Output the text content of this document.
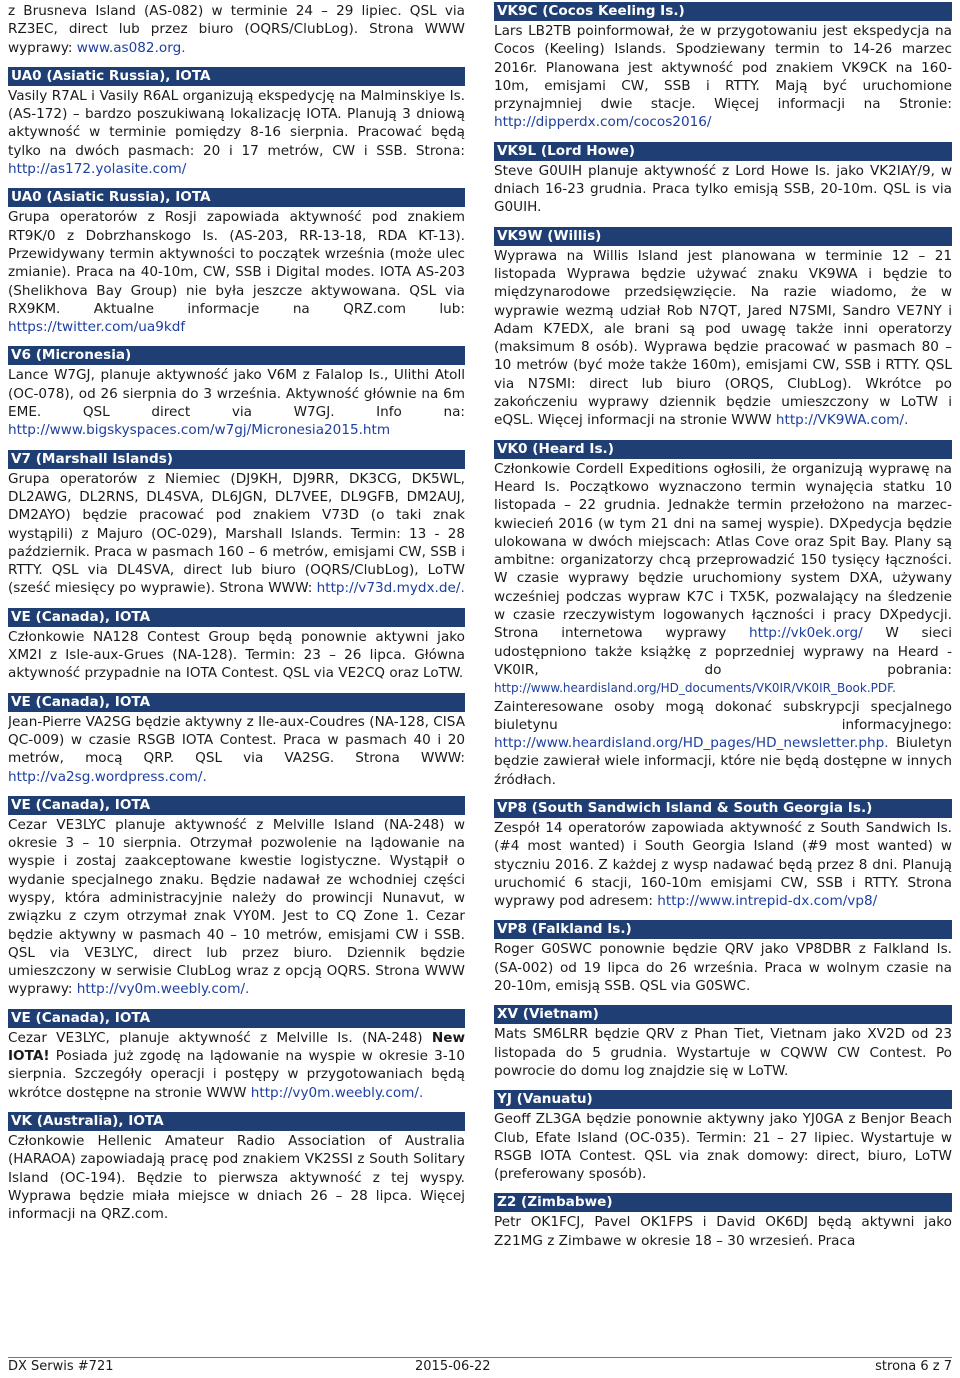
z Brusneva Island (AS-082) w terminie 24 – 29 lipiec. QSL via RZ3EC, direct lub przez biuro (OQRS/ClubLog). Strona WWW wyprawy: www.as082.org.
UA0 (Asiatic Russia), IOTA
Vasily R7AL i Vasily R6AL organizują ekspedycję na Malminskiye Is. (AS-172) – bardzo poszukiwaną lokalizację IOTA. Planują 3 dniową aktywność w terminie pomiędzy 8-16 sierpnia. Pracować będą tylko na dwóch pasmach: 20 i 17 metrów, CW i SSB. Strona: http://as172.yolasite.com/
UA0 (Asiatic Russia), IOTA
Grupa operatorów z Rosji zapowiada aktywność pod znakiem RT9K/0 z Dobrzhanskogo Is. (AS-203, RR-13-18, RDA KT-13). Przewidywany termin aktywności to początek września (może ulec zmianie). Praca na 40-10m, CW, SSB i Digital modes. IOTA AS-203 (Shelikhova Bay Group) nie była jeszcze aktywowana. QSL via RX9KM. Aktualne informacje na QRZ.com lub: https://twitter.com/ua9kdf
V6 (Micronesia)
Lance W7GJ, planuje aktywność jako V6M z Falalop Is., Ulithi Atoll (OC-078), od 26 sierpnia do 3 września. Aktywność głównie na 6m EME. QSL direct via W7GJ. Info na: http://www.bigskyspaces.com/w7gj/Micronesia2015.htm
V7 (Marshall Islands)
Grupa operatorów z Niemiec (DJ9KH, DJ9RR, DK3CG, DK5WL, DL2AWG, DL2RNS, DL4SVA, DL6JGN, DL7VEE, DL9GFB, DM2AUJ, DM2AYO) będzie pracować pod znakiem V73D (o taki znak wystąpili) z Majuro (OC-029), Marshall Islands. Termin: 13 - 28 październik. Praca w pasmach 160 – 6 metrów, emisjami CW, SSB i RTTY. QSL via DL4SVA, direct lub biuro (OQRS/ClubLog), LoTW (sześć miesięcy po wyprawie). Strona WWW: http://v73d.mydx.de/.
VE (Canada), IOTA
Członkowie NA128 Contest Group będą ponownie aktywni jako XM2I z Isle-aux-Grues (NA-128). Termin: 23 – 26 lipca. Główna aktywność przypadnie na IOTA Contest. QSL via VE2CQ oraz LoTW.
VE (Canada), IOTA
Jean-Pierre VA2SG będzie aktywny z Ile-aux-Coudres (NA-128, CISA QC-009) w czasie RSGB IOTA Contest. Praca w pasmach 40 i 20 metrów, mocą QRP. QSL via VA2SG. Strona WWW: http://va2sg.wordpress.com/.
VE (Canada), IOTA
Cezar VE3LYC planuje aktywność z Melville Island (NA-248) w okresie 3 – 10 sierpnia. Otrzymał pozwolenie na lądowanie na wyspie i zostaj zaakceptowane kwestie logistyczne. Wystąpił o wydanie specjalnego znaku. Będzie nadawał ze wchodniej części wyspy, która administracyjnie należy do prowincji Nunavut, w związku z czym otrzymał znak VY0M. Jest to CQ Zone 1. Cezar będzie aktywny w pasmach 40 – 10 metrów, emisjami CW i SSB. QSL via VE3LYC, direct lub przez biuro. Dziennik będzie umieszczony w serwisie ClubLog wraz z opcją OQRS. Strona WWW wyprawy: http://vy0m.weebly.com/.
VE (Canada), IOTA
Cezar VE3LYC, planuje aktywność z Melville Is. (NA-248) New IOTA! Posiada już zgodę na lądowanie na wyspie w okresie 3-10 sierpnia. Szczegóły operacji i postępy w przygotowaniach będą wkrótce dostępne na stronie WWW http://vy0m.weebly.com/.
VK (Australia), IOTA
Członkowie Hellenic Amateur Radio Association of Australia (HARAOA) zapowiadają pracę pod znakiem VK2SSI z South Solitary Island (OC-194). Będzie to pierwsza aktywność z tej wyspy. Wyprawa będzie miała miejsce w dniach 26 – 28 lipca. Więcej informacji na QRZ.com.
VK9C (Cocos Keeling Is.)
Lars LB2TB poinformował, że w przygotowaniu jest ekspedycja na Cocos (Keeling) Islands. Spodziewany termin to 14-26 marzec 2016r. Planowana jest aktywność pod znakiem VK9CK na 160-10m, emisjami CW, SSB i RTTY. Mają być uruchomione przynajmniej dwie stacje. Więcej informacji na Stronie: http://dipperdx.com/cocos2016/
VK9L (Lord Howe)
Steve G0UIH planuje aktywność z Lord Howe Is. jako VK2IAY/9, w dniach 16-23 grudnia. Praca tylko emisją SSB, 20-10m. QSL is via G0UIH.
VK9W (Willis)
Wyprawa na Willis Island jest planowana w terminie 12 – 21 listopada Wyprawa będzie używać znaku VK9WA i będzie to międzynarodowe przedsięwzięcie. Na razie wiadomo, że w wyprawie wezmą udział Rob N7QT, Jared N7SMI, Sandro VE7NY i Adam K7EDX, ale brani są pod uwagę także inni operatorzy (maksimum 8 osób). Wyprawa będzie pracować w pasmach 80 – 10 metrów (być może także 160m), emisjami CW, SSB i RTTY. QSL via N7SMI: direct lub biuro (ORQS, ClubLog). Wkrótce po zakończeniu wyprawy dziennik będzie umieszczony w LoTW i eQSL. Więcej informacji na stronie WWW http://VK9WA.com/.
VK0 (Heard Is.)
Członkowie Cordell Expeditions ogłosili, że organizują wyprawę na Heard Is. Początkowo wyznaczono termin wynajęcia statku 10 listopada – 22 grudnia. Jednakże termin przełożono na marzec-kwiecień 2016 (w tym 21 dni na samej wyspie). DXpedycja będzie ulokowana w dwóch miejscach: Atlas Cove oraz Spit Bay. Plany są ambitne: organizatorzy chcą przeprowadzić 150 tysięcy łączności. W czasie wyprawy będzie uruchomiony system DXA, używany wcześniej podczas wypraw K7C i TX5K, pozwalający na śledzenie w czasie rzeczywistym logowanych łączności i pracy DXpedycji. Strona internetowa wyprawy http://vk0ek.org/ W sieci udostępniono także książkę z poprzedniej wyprawy na Heard - VK0IR, do pobrania: http://www.heardisland.org/HD_documents/VK0IR/VK0IR_Book.PDF. Zainteresowane osoby mogą dokonać subskrypcji specjalnego biuletynu informacyjnego: http://www.heardisland.org/HD_pages/HD_newsletter.php. Biuletyn będzie zawierał wiele informacji, które nie będą dostępne w innych źródłach.
VP8 (South Sandwich Island & South Georgia Is.)
Zespół 14 operatorów zapowiada aktywność z South Sandwich Is. (#4 most wanted) i South Georgia Island (#9 most wanted) w styczniu 2016. Z każdej z wysp nadawać będą przez 8 dni. Planują uruchomić 6 stacji, 160-10m emisjami CW, SSB i RTTY. Strona wyprawy pod adresem: http://www.intrepid-dx.com/vp8/
VP8 (Falkland Is.)
Roger G0SWC ponownie będzie QRV jako VP8DBR z Falkland Is. (SA-002) od 19 lipca do 26 września. Praca w wolnym czasie na 20-10m, emisją SSB. QSL via G0SWC.
XV (Vietnam)
Mats SM6LRR będzie QRV z Phan Tiet, Vietnam jako XV2D od 23 listopada do 5 grudnia. Wystartuje w CQWW CW Contest. Po powrocie do domu log znajdzie się w LoTW.
YJ (Vanuatu)
Geoff ZL3GA będzie ponownie aktywny jako YJ0GA z Benjor Beach Club, Efate Island (OC-035). Termin: 21 – 27 lipiec. Wystartuje w RSGB IOTA Contest. QSL via znak domowy: direct, biuro, LoTW (preferowany sposób).
Z2 (Zimbabwe)
Petr OK1FCJ, Pavel OK1FPS i David OK6DJ będą aktywni jako Z21MG z Zimbawe w okresie 18 – 30 wrzesień. Praca
DX Serwis #721	2015-06-22	strona 6 z 7
